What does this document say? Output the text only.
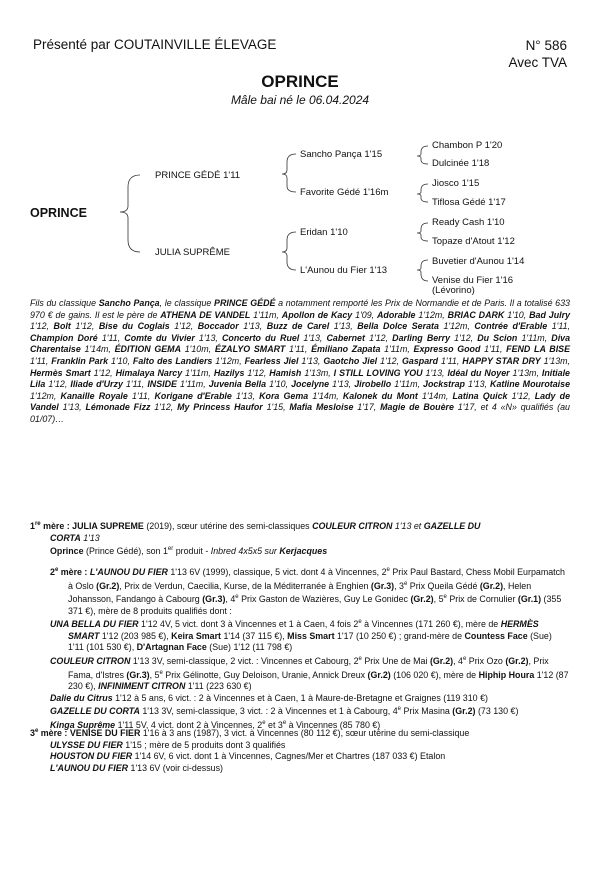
Présenté par COUTAINVILLE ÉLEVAGE	N° 586
Avec TVA
OPRINCE
Mâle bai né le 06.04.2024
OPRINCE
PRINCE GÉDÉ 1'11
JULIA SUPRÊME
Sancho Pança 1'15
Favorite Gédé 1'16m
Eridan 1'10
L'Aunou du Fier 1'13
Chambon P 1'20
Dulcinée 1'18
Jiosco 1'15
Tiflosa Gédé 1'17
Ready Cash 1'10
Topaze d'Atout 1'12
Buvetier d'Aunou 1'14
Venise du Fier 1'16
(Lévorino)
Fils du classique Sancho Pança, le classique PRINCE GÉDÉ a notamment remporté les Prix de Normandie et de Paris. Il a totalisé 633 970 € de gains. Il est le père de ATHENA DE VANDEL 1'11m, Apollon de Kacy 1'09, Adorable 1'12m, BRIAC DARK 1'10, Bad Julry 1'12, Bolt 1'12, Bise du Coglais 1'12, Boccador 1'13, Buzz de Carel 1'13, Bella Dolce Serata 1'12m, Contrée d'Erable 1'11, Champion Doré 1'11, Comte du Vivier 1'13, Concerto du Ruel 1'13, Cabernet 1'12, Darling Berry 1'12, Du Scion 1'11m, Diva Charentaise 1'14m, ÉDITION GEMA 1'10m, ÉZALYO SMART 1'11, Émiliano Zapata 1'11m, Expresso Good 1'11, FEND LA BISE 1'11, Franklin Park 1'10, Falto des Landiers 1'12m, Fearless Jiel 1'13, Gaotcho Jiel 1'12, Gaspard 1'11, HAPPY STAR DRY 1'13m, Hermès Smart 1'12, Himalaya Narcy 1'11m, Hazilys 1'12, Hamish 1'13m, I STILL LOVING YOU 1'13, Idéal du Noyer 1'13m, Initiale Lila 1'12, Iliade d'Urzy 1'11, INSIDE 1'11m, Juvenia Bella 1'10, Jocelyne 1'13, Jirobello 1'11m, Jockstrap 1'13, Katline Mourotaise 1'12m, Kanaille Royale 1'11, Korigane d'Erable 1'13, Kora Gema 1'14m, Kalonek du Mont 1'14m, Latina Quick 1'12, Lady de Vandel 1'13, Lémonade Fizz 1'12, My Princess Haufor 1'15, Mafia Mesloise 1'17, Magie de Bouère 1'17, et 4 «N» qualifiés (au 01/07)…

1re mère : JULIA SUPREME (2019), sœur utérine des semi-classiques COULEUR CITRON 1'13 et GAZELLE DU

CORTA 1'13

Oprince (Prince Gédé), son 1er produit - Inbred 4x5x5 sur Kerjacques

2e mère : L'AUNOU DU FIER 1'13 6V (1999), classique, 5 vict. dont 4 à Vincennes, 2e Prix Paul Bastard, Chess Mobil Eurpamatch à Oslo (Gr.2), Prix de Verdun, Caecilia, Kurse, de la Méditerranée à Enghien (Gr.3), 3e Prix Queila Gédé (Gr.2), Helen Johansson, Fandango à Cabourg (Gr.3), 4e Prix Gaston de Wazières, Guy Le Gonidec (Gr.2), 5e Prix de Cornulier (Gr.1) (355 371 €), mère de 8 produits qualifiés dont :

UNA BELLA DU FIER 1'12 4V, 5 vict. dont 3 à Vincennes et 1 à Caen, 4 fois 2e à Vincennes (171 260 €), mère de HERMÈS SMART 1'12 (203 985 €), Keira Smart 1'14 (37 115 €), Miss Smart 1'17 (10 250 €) ; grand-mère de Countess Face (Sue) 1'11 (101 530 €), D'Artagnan Face (Sue) 1'12 (11 798 €)

COULEUR CITRON 1'13 3V, semi-classique, 2 vict. : Vincennes et Cabourg, 2e Prix Une de Mai (Gr.2), 4e Prix Ozo (Gr.2), Prix Fama, d'Istres (Gr.3), 5e Prix Gélinotte, Guy Deloison, Uranie, Annick Dreux (Gr.2) (106 020 €), mère de Hiphip Houra 1'12 (87 230 €), INFINIMENT CITRON 1'11 (223 630 €)

Dalie du Citrus 1'12 à 5 ans, 6 vict. : 2 à Vincennes et à Caen, 1 à Maure-de-Bretagne et Graignes (119 310 €)

GAZELLE DU CORTA 1'13 3V, semi-classique, 3 vict. : 2 à Vincennes et 1 à Cabourg, 4e Prix Masina (Gr.2) (73 130 €)

Kinga Suprême 1'11 5V, 4 vict. dont 2 à Vincennes, 2e et 3e à Vincennes (85 780 €)

3e mère : VENISE DU FIER 1'16 à 3 ans (1987), 3 vict. à Vincennes (80 112 €), sœur utérine du semi-classique

ULYSSE DU FIER 1'15 ; mère de 5 produits dont 3 qualifiés

HOUSTON DU FIER 1'14 6V, 6 vict. dont 1 à Vincennes, Cagnes/Mer et Chartres (187 033 €) Etalon

L'AUNOU DU FIER 1'13 6V (voir ci-dessus)
